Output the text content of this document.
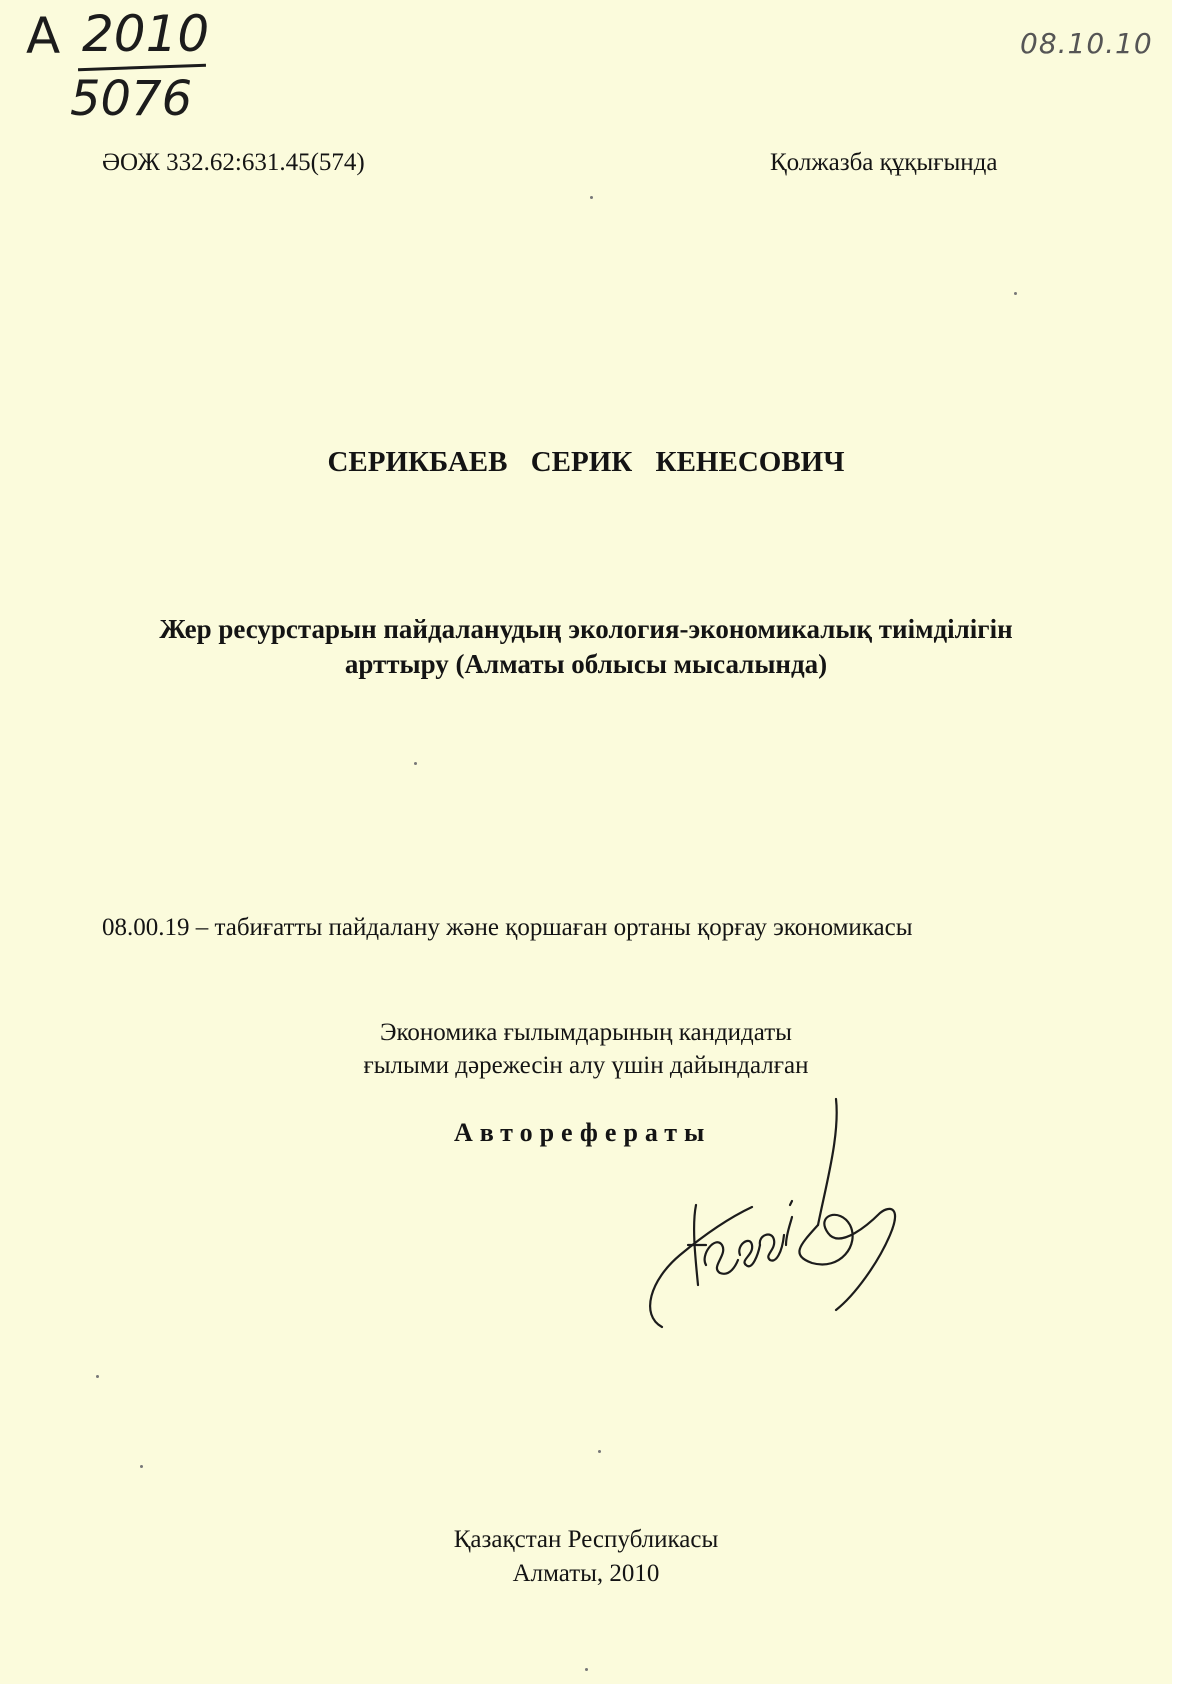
A 2010
5076
08.10.10
ƏОЖ 332.62:631.45(574)	Қолжазба құқығында
СЕРИКБАЕВ СЕРИК КЕНЕСОВИЧ
Жер ресурстарын пайдаланудың экология-экономикалық тиімділігін
арттыру (Алматы облысы мысалында)
08.00.19 – табиғатты пайдалану және қоршаған ортаны қорғау экономикасы
Экономика ғылымдарының кандидаты
ғылыми дәрежесін алу үшін дайындалған
Авторефераты
Қазақстан Республикасы
Алматы, 2010
